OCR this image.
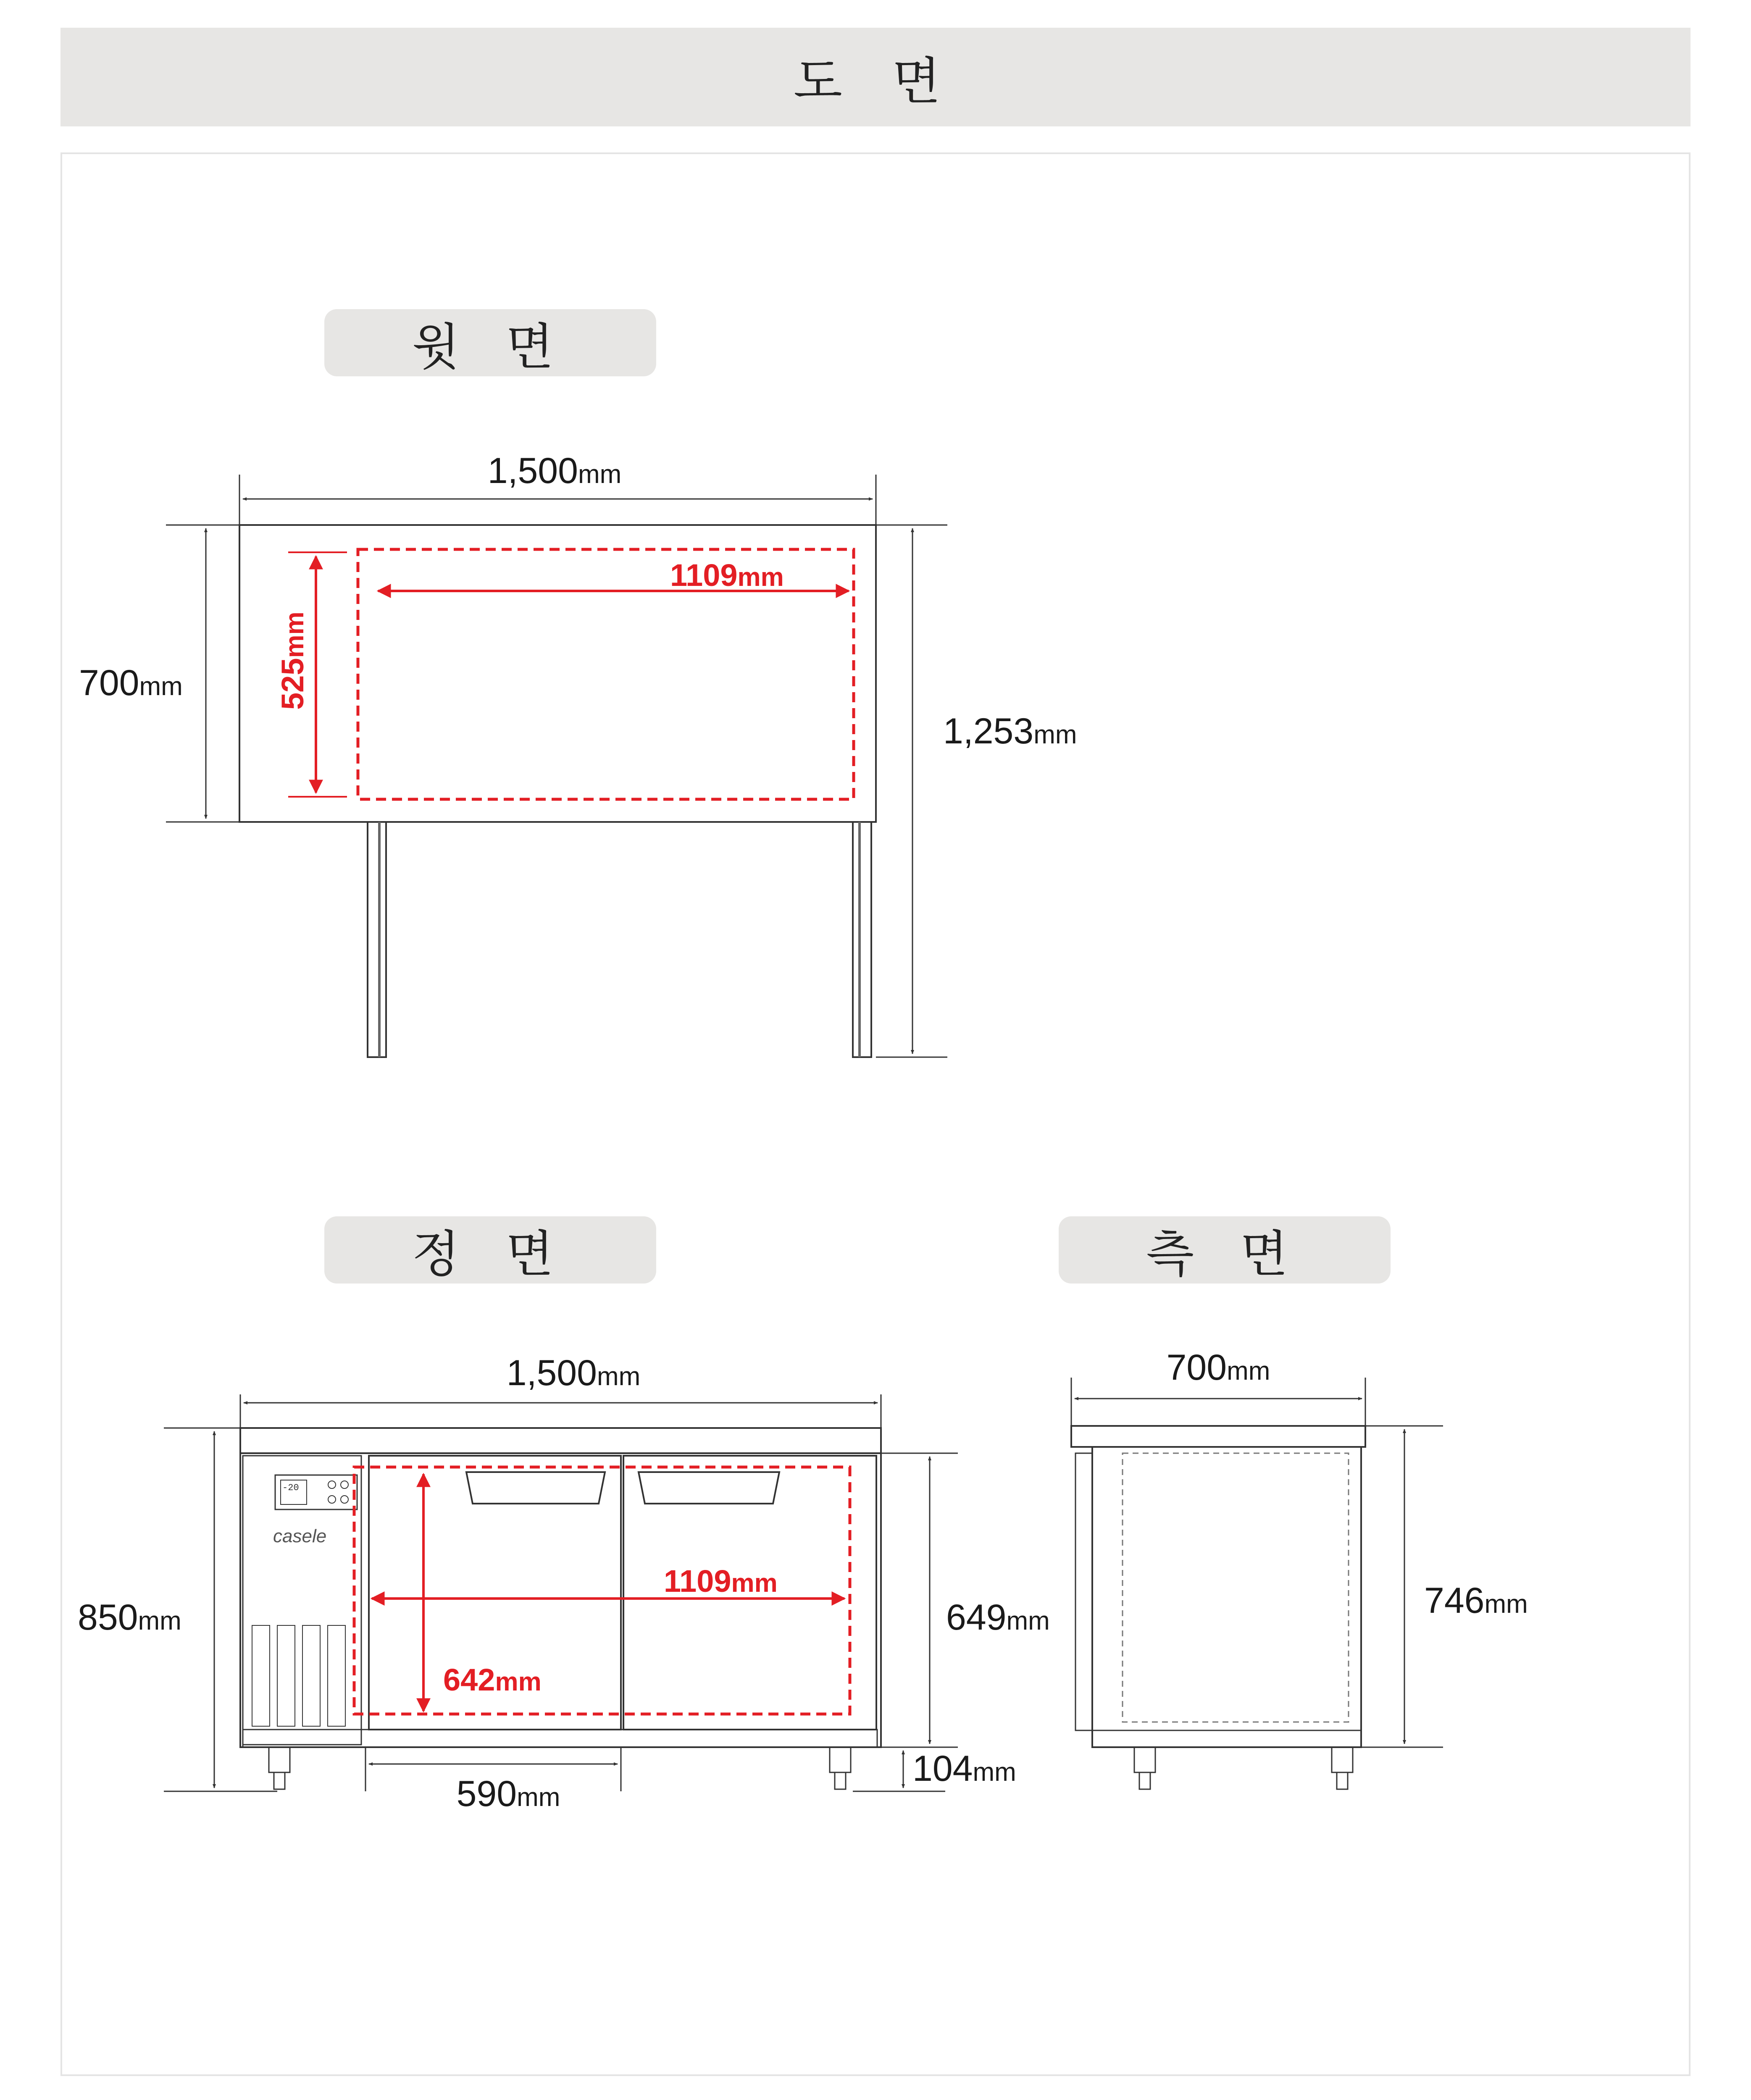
도 면
윗 면
정 면	측 면
1,500mm
700mm
1,253mm
1109mm
525mm
-20
casele
1,500mm
850mm	649mm
104mm
590mm
1109mm
642mm
700mm
746mm
